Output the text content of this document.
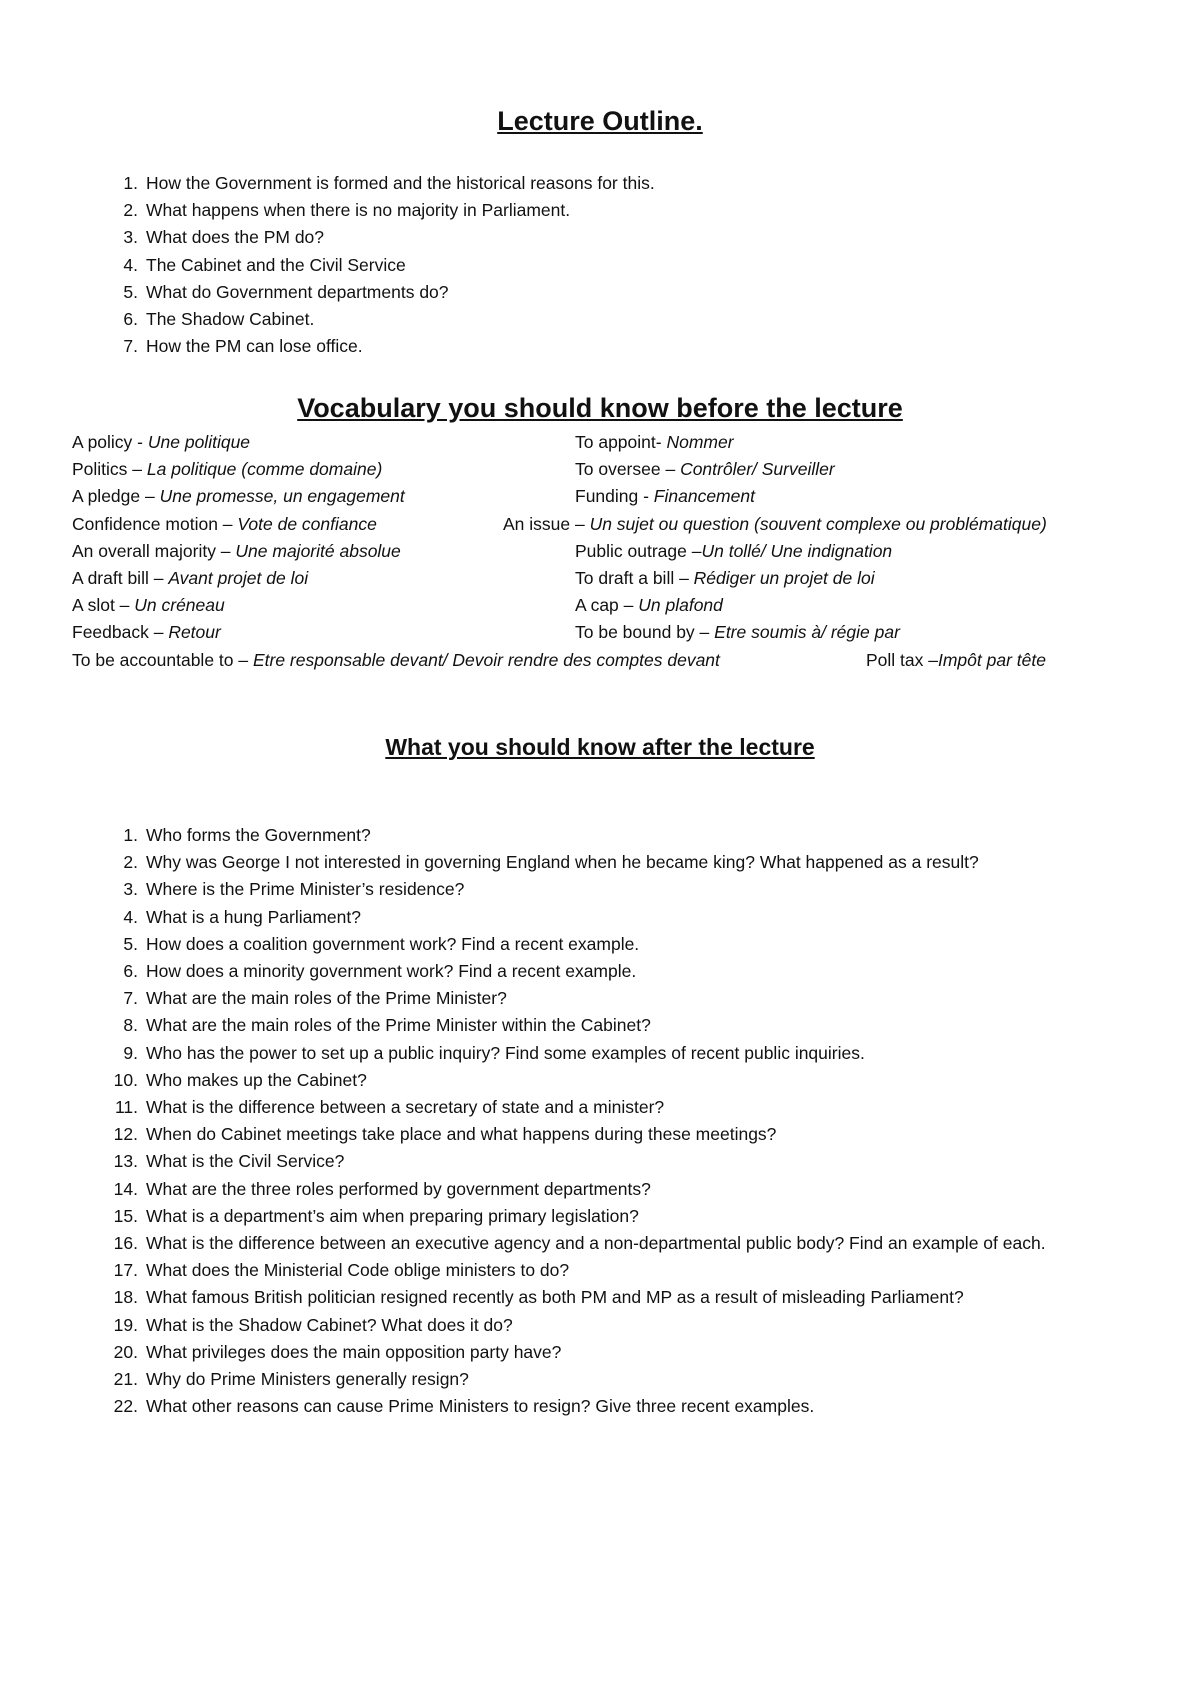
Lecture Outline.
1. How the Government is formed and the historical reasons for this.
2. What happens when there is no majority in Parliament.
3. What does the PM do?
4. The Cabinet and the Civil Service
5. What do Government departments do?
6. The Shadow Cabinet.
7. How the PM can lose office.
Vocabulary you should know before the lecture
A policy - Une politique
Politics – La politique (comme domaine)
A pledge – Une promesse, un engagement
Confidence motion – Vote de confiance
An overall majority – Une majorité absolue
A draft bill – Avant projet de loi
A slot – Un créneau
Feedback – Retour
To be accountable to – Etre responsable devant/ Devoir rendre des comptes devant
To appoint- Nommer
To oversee – Contrôler/ Surveiller
Funding - Financement
An issue – Un sujet ou question (souvent complexe ou problématique)
Public outrage –Un tollé/ Une indignation
To draft a bill – Rédiger un projet de loi
A cap – Un plafond
To be bound by – Etre soumis à/ régie par
Poll tax –Impôt par tête
What you should know after the lecture
1. Who forms the Government?
2. Why was George I not interested in governing England when he became king? What happened as a result?
3. Where is the Prime Minister’s residence?
4. What is a hung Parliament?
5. How does a coalition government work? Find a recent example.
6. How does a minority government work? Find a recent example.
7. What are the main roles of the Prime Minister?
8. What are the main roles of the Prime Minister within the Cabinet?
9. Who has the power to set up a public inquiry? Find some examples of recent public inquiries.
10. Who makes up the Cabinet?
11. What is the difference between a secretary of state and a minister?
12. When do Cabinet meetings take place and what happens during these meetings?
13. What is the Civil Service?
14. What are the three roles performed by government departments?
15. What is a department’s aim when preparing primary legislation?
16. What is the difference between an executive agency and a non-departmental public body? Find an example of each.
17. What does the Ministerial Code oblige ministers to do?
18. What famous British politician resigned recently as both PM and MP as a result of misleading Parliament?
19. What is the Shadow Cabinet? What does it do?
20. What privileges does the main opposition party have?
21. Why do Prime Ministers generally resign?
22. What other reasons can cause Prime Ministers to resign? Give three recent examples.
